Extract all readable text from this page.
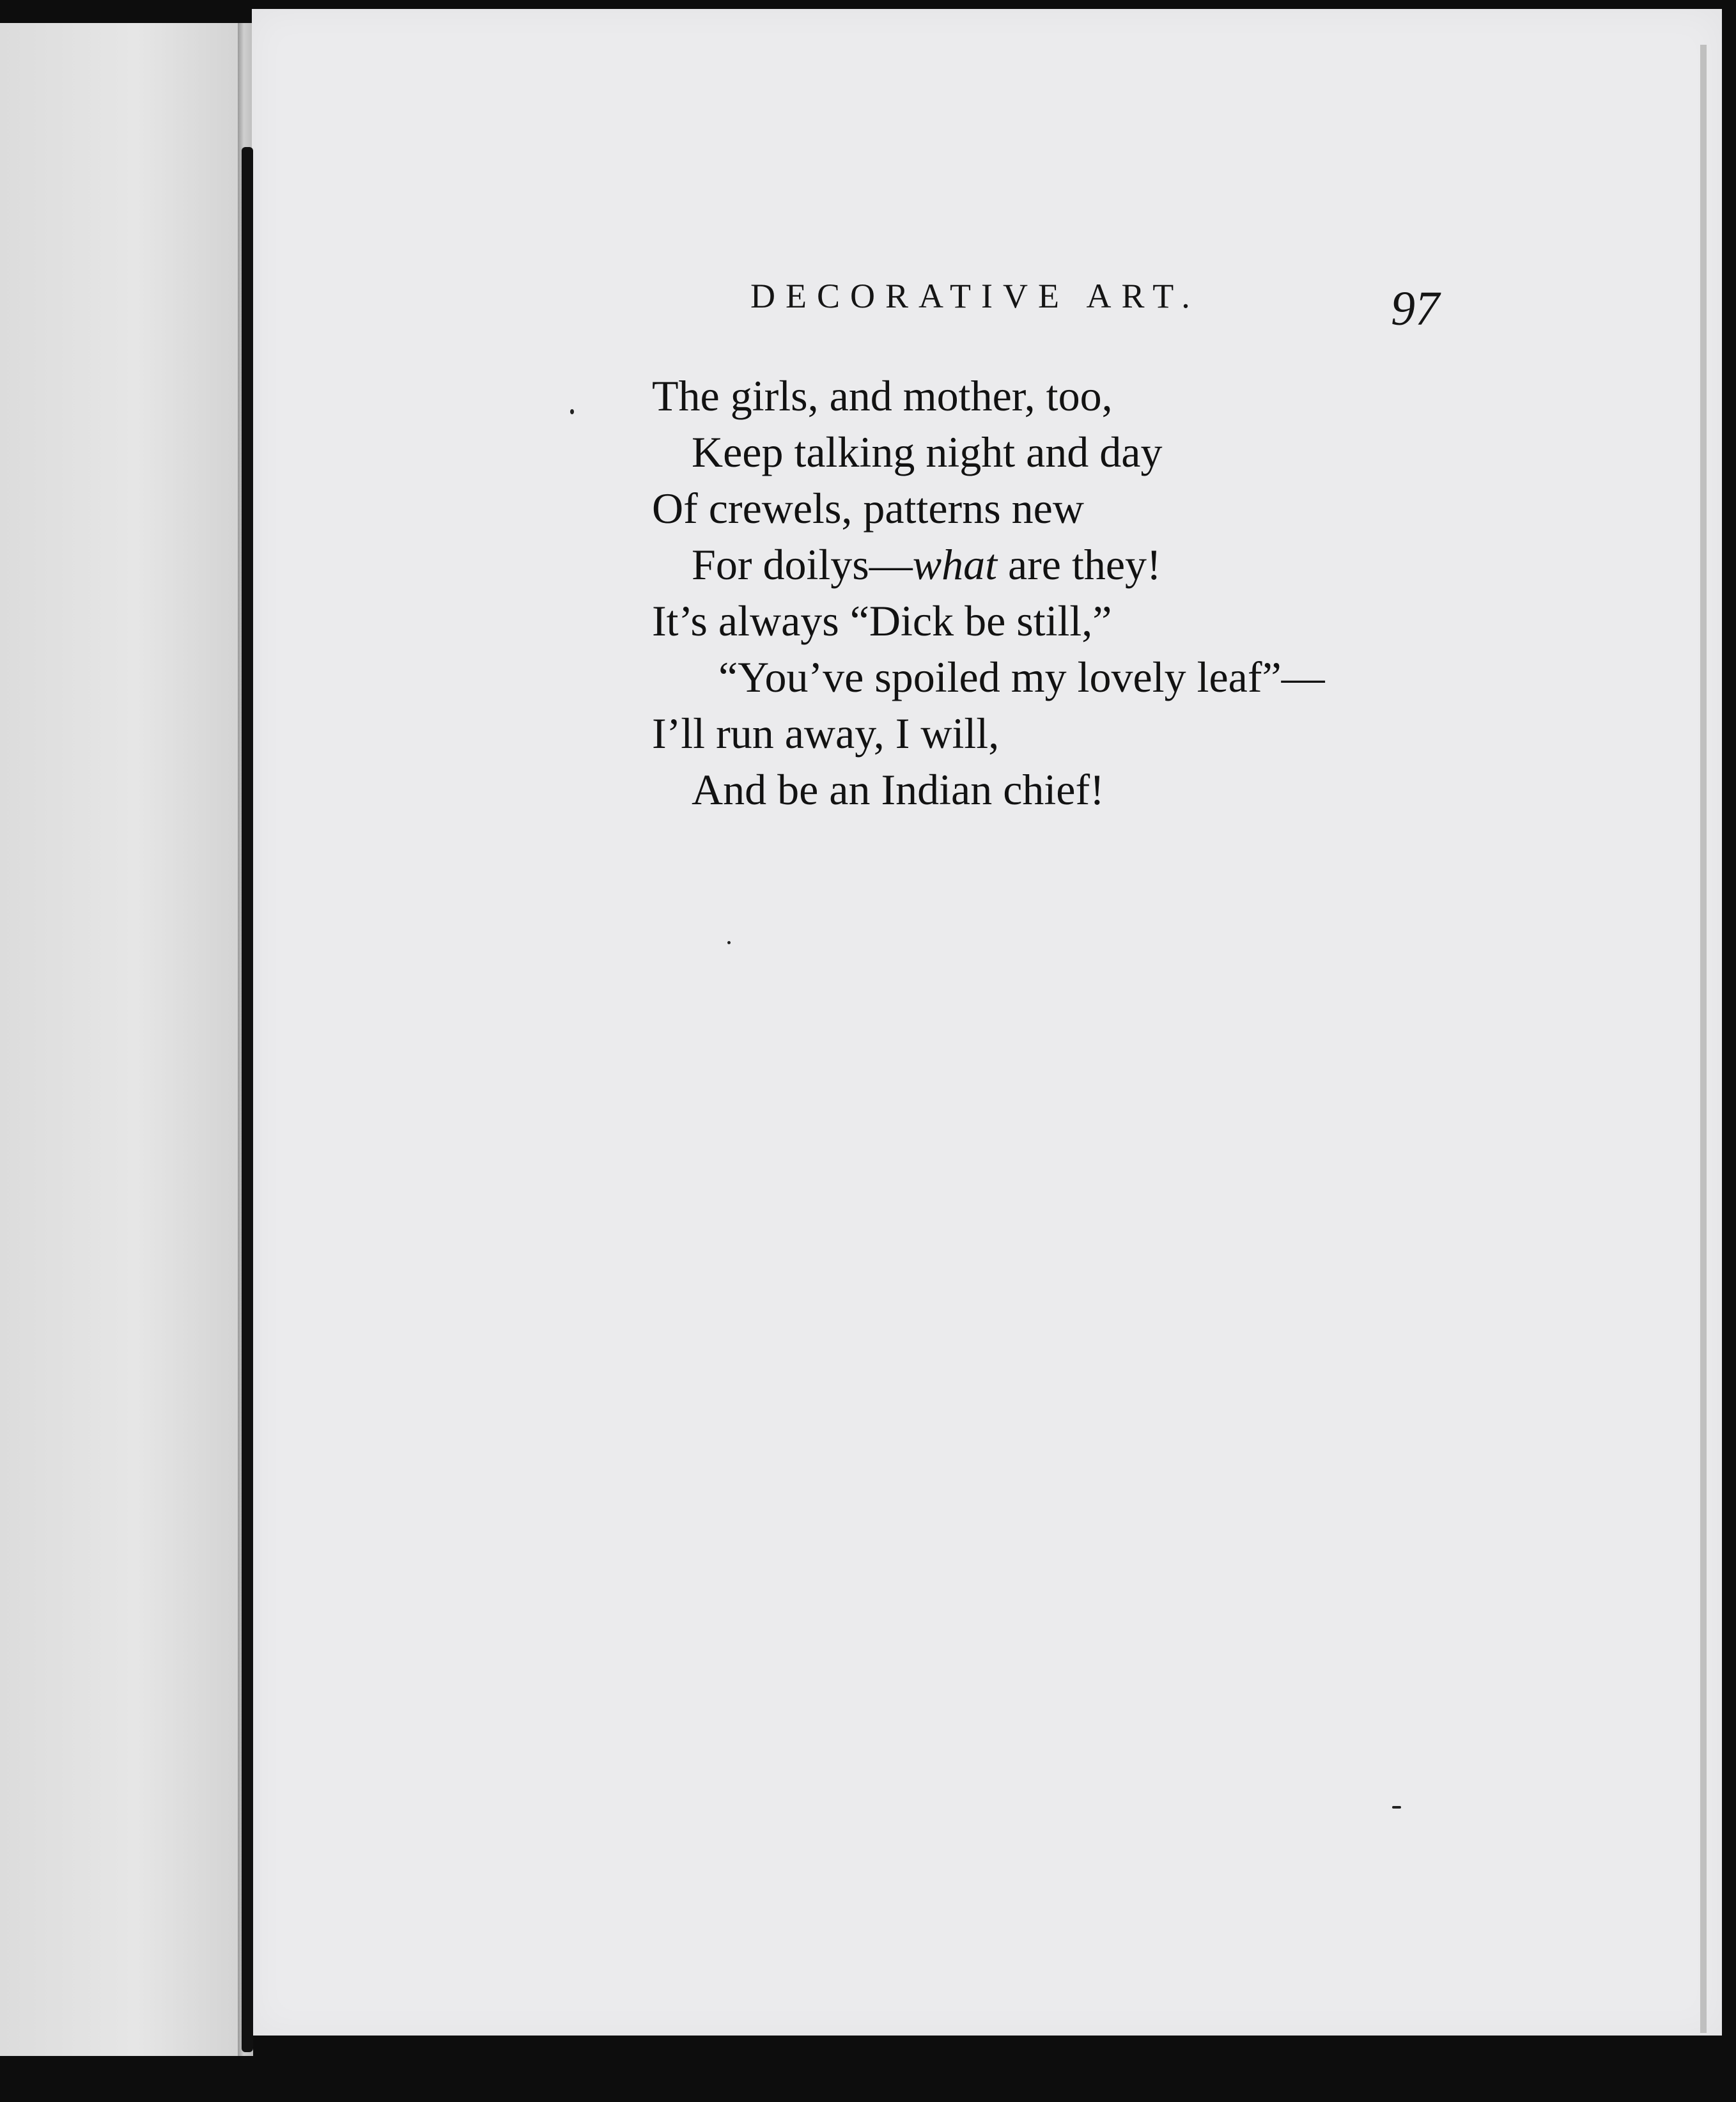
DECORATIVE ART.	97
The girls, and mother, too,
Keep talking night and day
Of crewels, patterns new
For doilys—what are they!
It’s always “Dick be still,”
“You’ve spoiled my lovely leaf”—
I’ll run away, I will,
And be an Indian chief!
